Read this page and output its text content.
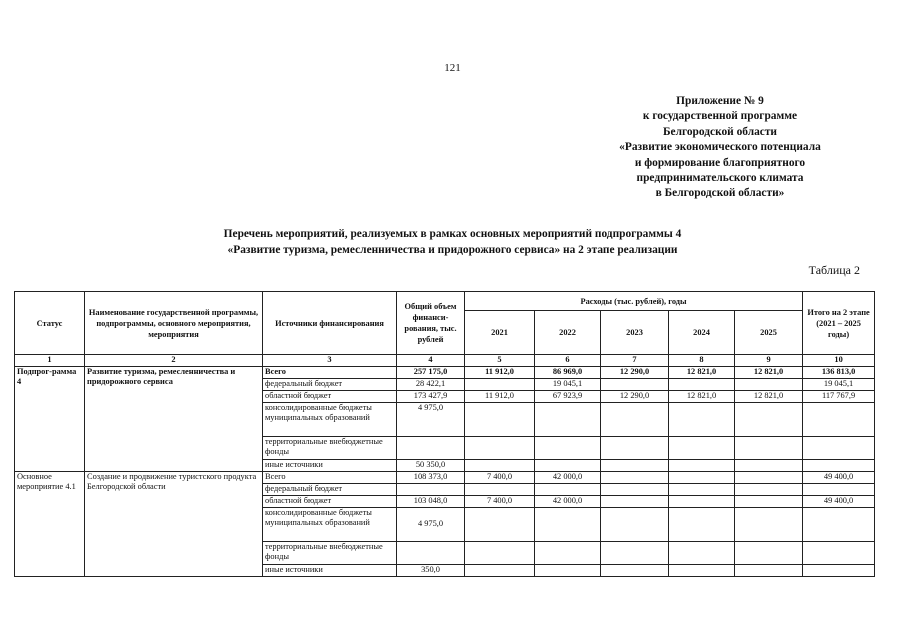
121
Приложение № 9
к государственной программе
Белгородской области
«Развитие экономического потенциала
и формирование благоприятного
предпринимательского климата
в Белгородской области»
Перечень мероприятий, реализуемых в рамках основных мероприятий подпрограммы 4
«Развитие туризма, ремесленничества и придорожного сервиса» на 2 этапе реализации
Таблица 2
Статус	Наименование государственной программы, подпрограммы, основного мероприятия, мероприятия	Источники финансирования	Общий объем финанси-рования, тыс. рублей	Расходы (тыс. рублей), годы					Итого на 2 этапе (2021 – 2025 годы)
				2021	2022	2023	2024	2025	
1	2	3	4	5	6	7	8	9	10
Подпрог-рамма 4	Развитие туризма, ремесленничества и придорожного сервиса	Всего	257 175,0	11 912,0	86 969,0	12 290,0	12 821,0	12 821,0	136 813,0
		федеральный бюджет	28 422,1		19 045,1				19 045,1
		областной бюджет	173 427,9	11 912,0	67 923,9	12 290,0	12 821,0	12 821,0	117 767,9
		консолидированные бюджеты муниципальных образований	4 975,0						
		территориальные внебюджетные фонды							
		иные источники	50 350,0						
Основное мероприятие 4.1	Создание и продвижение туристского продукта Белгородской области	Всего	108 373,0	7 400,0	42 000,0				49 400,0
		федеральный бюджет							
		областной бюджет	103 048,0	7 400,0	42 000,0				49 400,0
		консолидированные бюджеты муниципальных образований	4 975,0						
		территориальные внебюджетные фонды							
		иные источники	350,0						
